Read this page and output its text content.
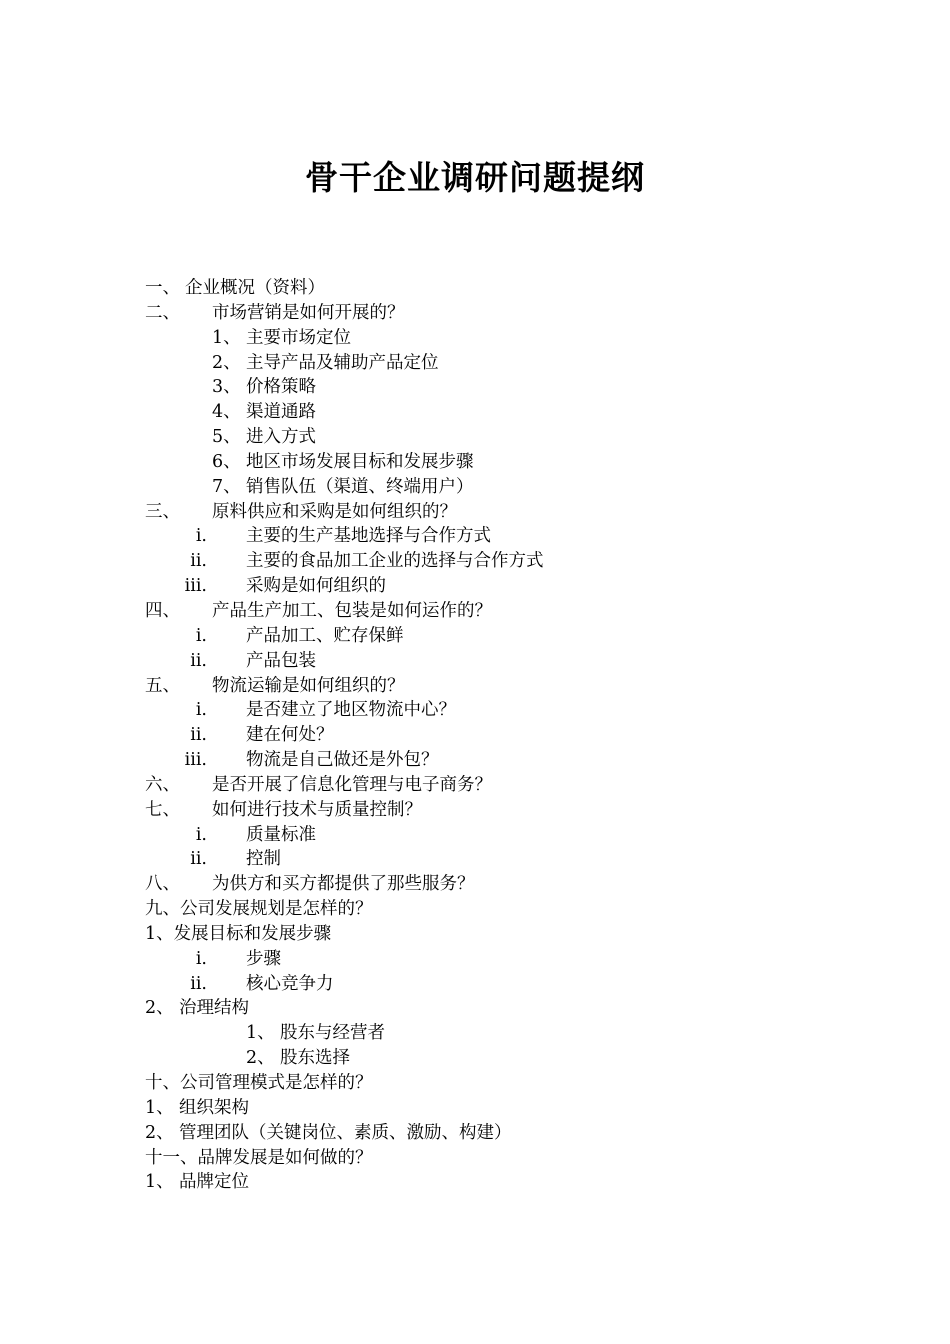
骨干企业调研问题提纲
一、 企业概况（资料）
二、 市场营销是如何开展的？
1、 主要市场定位
2、 主导产品及辅助产品定位
3、 价格策略
4、 渠道通路
5、 进入方式
6、 地区市场发展目标和发展步骤
7、 销售队伍（渠道、终端用户）
三、 原料供应和采购是如何组织的？
i. 主要的生产基地选择与合作方式
ii. 主要的食品加工企业的选择与合作方式
iii. 采购是如何组织的
四、 产品生产加工、包装是如何运作的？
i. 产品加工、贮存保鲜
ii. 产品包装
五、 物流运输是如何组织的？
i. 是否建立了地区物流中心？
ii. 建在何处？
iii. 物流是自己做还是外包？
六、 是否开展了信息化管理与电子商务？
七、 如何进行技术与质量控制？
i. 质量标准
ii. 控制
八、 为供方和买方都提供了那些服务？
九、公司发展规划是怎样的？
1、发展目标和发展步骤
i. 步骤
ii. 核心竞争力
2、 治理结构
1、 股东与经营者
2、 股东选择
十、公司管理模式是怎样的？
1、 组织架构
2、 管理团队（关键岗位、素质、激励、构建）
十一、品牌发展是如何做的？
1、 品牌定位
